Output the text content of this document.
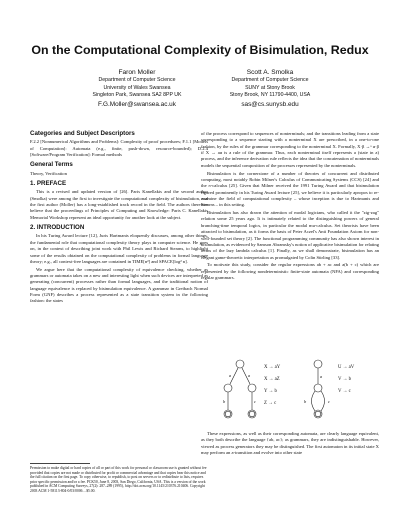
On the Computational Complexity of Bisimulation, Redux
Faron Moller
Department of Computer Science
University of Wales Swansea
Singleton Park, Swansea SA2 8PP UK
F.G.Moller@swansea.ac.uk
Scott A. Smolka
Department of Computer Science
SUNY at Stony Brook
Stony Brook, NY 11790-4400, USA
sas@cs.sunysb.edu
Categories and Subject Descriptors

F.2.2 [Nonnumerical Algorithms and Problems]: Complexity of proof procedures; F.1.1 [Models of Computation]: Automata (e.g., finite, push-down, resource-bounded); D.2.4 [Software/Program Verification]: Formal methods

General Terms

Theory, Verification

1. PREFACE

This is a revised and updated version of [26]. Paris Kanellakis and the second author (Smolka) were among the first to investigate the computational complexity of bisimulation, and the first author (Moller) has a long-established track record in the field. The authors therefore believe that the proceedings of Principles of Computing and Knowledge: Paris C. Kanellakis Memorial Workshop represent an ideal opportunity for another look at the subject.

2. INTRODUCTION

In his Turing Award lecture [12], Juris Hartmanis eloquently discusses, among other things, the fundamental role that computational complexity theory plays in computer science. He goes on, in the context of describing joint work with Phil Lewis and Richard Stearns, to highlight some of the results obtained on the computational complexity of problems in formal language theory; e.g., all context-free languages are contained in TIME[n³] and SPACE[log² n].

We argue here that the computational complexity of equivalence checking, whether as grammars or automata takes on a new and interesting light when such devices are interpreted as generating (concurrent) processes rather than formal languages, and the traditional notion of language equivalence is replaced by bisimulation equivalence. A grammar in Greibach Normal Form (GNF) describes a process represented as a state transition system in the following fashion: the states

Permission to make digital or hard copies of all or part of this work for personal or classroom use is granted without fee provided that copies are not made or distributed for profit or commercial advantage and that copies bear this notice and the full citation on the first page. To copy otherwise, to republish, to post on servers or to redistribute to lists, requires prior specific permission and/or a fee. PCK50, June 8, 2003, San Diego, California, USA. This is a version of the work published in ACM Computing Surveys, 27(2): 287–289 (1995), http://doi.acm.org/10.1145/210376.210406. Copyright 2003 ACM 1-58113-804-0/03/0006 ...$5.00.

of the process correspond to sequences of nonterminals; and the transitions leading from a state corresponding to a sequence starting with a nonterminal X are prescribed, in a one-to-one fashion, by the rules of the grammar corresponding to the nonterminal X. Formally, X·β →ᵃ α·β if X → aα is a rule of the grammar. Thus, each nonterminal itself represents a (state in a) process, and the inference derivation rule reflects the idea that the concatenation of nonterminals models the sequential composition of the processes represented by the nonterminals.

Bisimulation is the cornerstone of a number of theories of concurrent and distributed computing, most notably Robin Milner's Calculus of Communicating Systems (CCS) [24] and the π-calculus [25]. Given that Milner received the 1991 Turing Award and that bisimulation figured prominently in his Turing Award lecture [25], we believe it is particularly apropos to re-examine the field of computational complexity – whose inception is due to Hartmanis and Stearns – in this setting.

Bisimulation has also drawn the attention of modal logicians, who called it the "zig-zag" relation some 25 years ago. It is intimately related to the distinguishing powers of general branching-time temporal logics, in particular the modal mu-calculus. Set theorists have been attracted to bisimulation, as it forms the basis of Peter Aczel's Anti Foundation Axiom for non-well-founded set theory [2]. The functional programming community has also shown interest in bisimulation, as evidenced by Samson Abramsky's notion of applicative bisimulation for relating terms of the lazy lambda calculus [1]. Finally, as we shall demonstrate, bisimulation has an elegant game-theoretic interpretation as promulgated by Colin Stirling [33].

To motivate this study, consider the regular expressions ab + ac and a(b + c) which are represented by the following nondeterministic finite-state automata (NFA) and corresponding regular grammars.

X → aY
X → aZ
Y → b
Z → c
U → aV
V → b
V → c
a	a
b	c
a
b	c

These expressions, as well as their corresponding automata, are clearly language equivalent, as they both describe the language {ab, ac}; as grammars, they are indistinguishable. However, viewed as process generators they may be distinguished. The first automaton in its initial state X may perform an a-transition and evolve into other state
